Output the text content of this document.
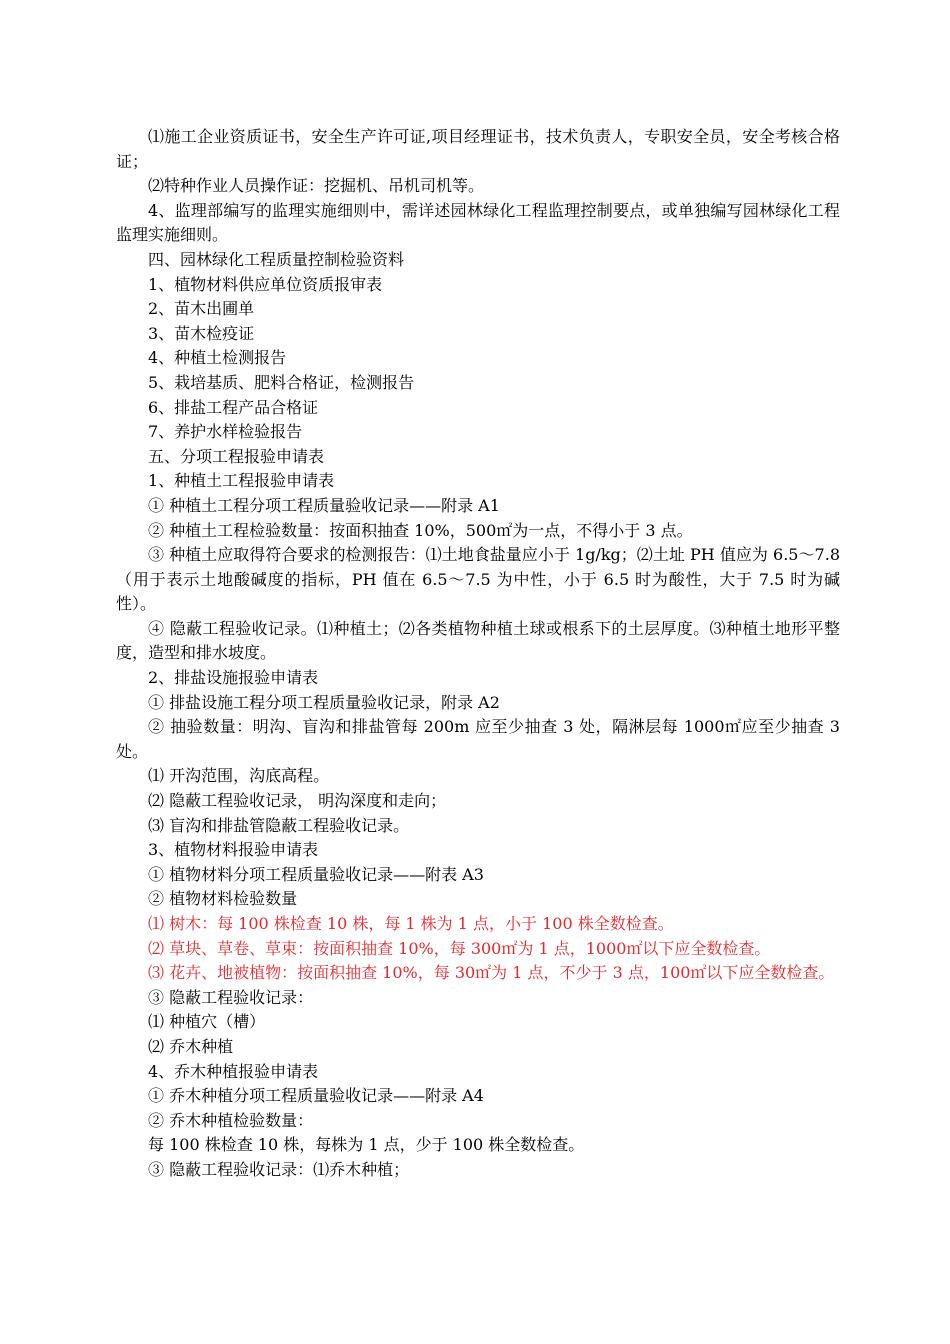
⑴施工企业资质证书，安全生产许可证,项目经理证书，技术负责人，专职安全员，安全考核合格证；

⑵特种作业人员操作证：挖掘机、吊机司机等。

4、监理部编写的监理实施细则中，需详述园林绿化工程监理控制要点，或单独编写园林绿化工程监理实施细则。

四、园林绿化工程质量控制检验资料

1、植物材料供应单位资质报审表

2、苗木出圃单

3、苗木检疫证

4、种植土检测报告

5、栽培基质、肥料合格证，检测报告

6、排盐工程产品合格证

7、养护水样检验报告

五、分项工程报验申请表

1、种植土工程报验申请表

① 种植土工程分项工程质量验收记录——附录 A1

② 种植土工程检验数量：按面积抽查 10%，500㎡为一点，不得小于 3 点。

③ 种植土应取得符合要求的检测报告：⑴土地食盐量应小于 1g/kg；⑵土址 PH 值应为 6.5～7.8（用于表示土地酸碱度的指标，PH 值在 6.5～7.5 为中性，小于 6.5 时为酸性，大于 7.5 时为碱性）。

④ 隐蔽工程验收记录。⑴种植土；⑵各类植物种植土球或根系下的土层厚度。⑶种植土地形平整度，造型和排水坡度。

2、排盐设施报验申请表

① 排盐设施工程分项工程质量验收记录，附录 A2

② 抽验数量：明沟、盲沟和排盐管每 200m 应至少抽查 3 处，隔淋层每 1000㎡应至少抽查 3 处。

⑴ 开沟范围，沟底高程。

⑵ 隐蔽工程验收记录， 明沟深度和走向；

⑶ 盲沟和排盐管隐蔽工程验收记录。

3、植物材料报验申请表

① 植物材料分项工程质量验收记录——附表 A3

② 植物材料检验数量

⑴ 树木：每 100 株检查 10 株，每 1 株为 1 点，小于 100 株全数检查。

⑵ 草块、草卷、草束：按面积抽查 10%，每 300㎡为 1 点，1000㎡以下应全数检查。

⑶ 花卉、地被植物：按面积抽查 10%，每 30㎡为 1 点，不少于 3 点，100㎡以下应全数检查。

③ 隐蔽工程验收记录：

⑴ 种植穴（槽）

⑵ 乔木种植

4、乔木种植报验申请表

① 乔木种植分项工程质量验收记录——附录 A4

② 乔木种植检验数量：

每 100 株检查 10 株，每株为 1 点，少于 100 株全数检查。

③ 隐蔽工程验收记录：⑴乔木种植；
